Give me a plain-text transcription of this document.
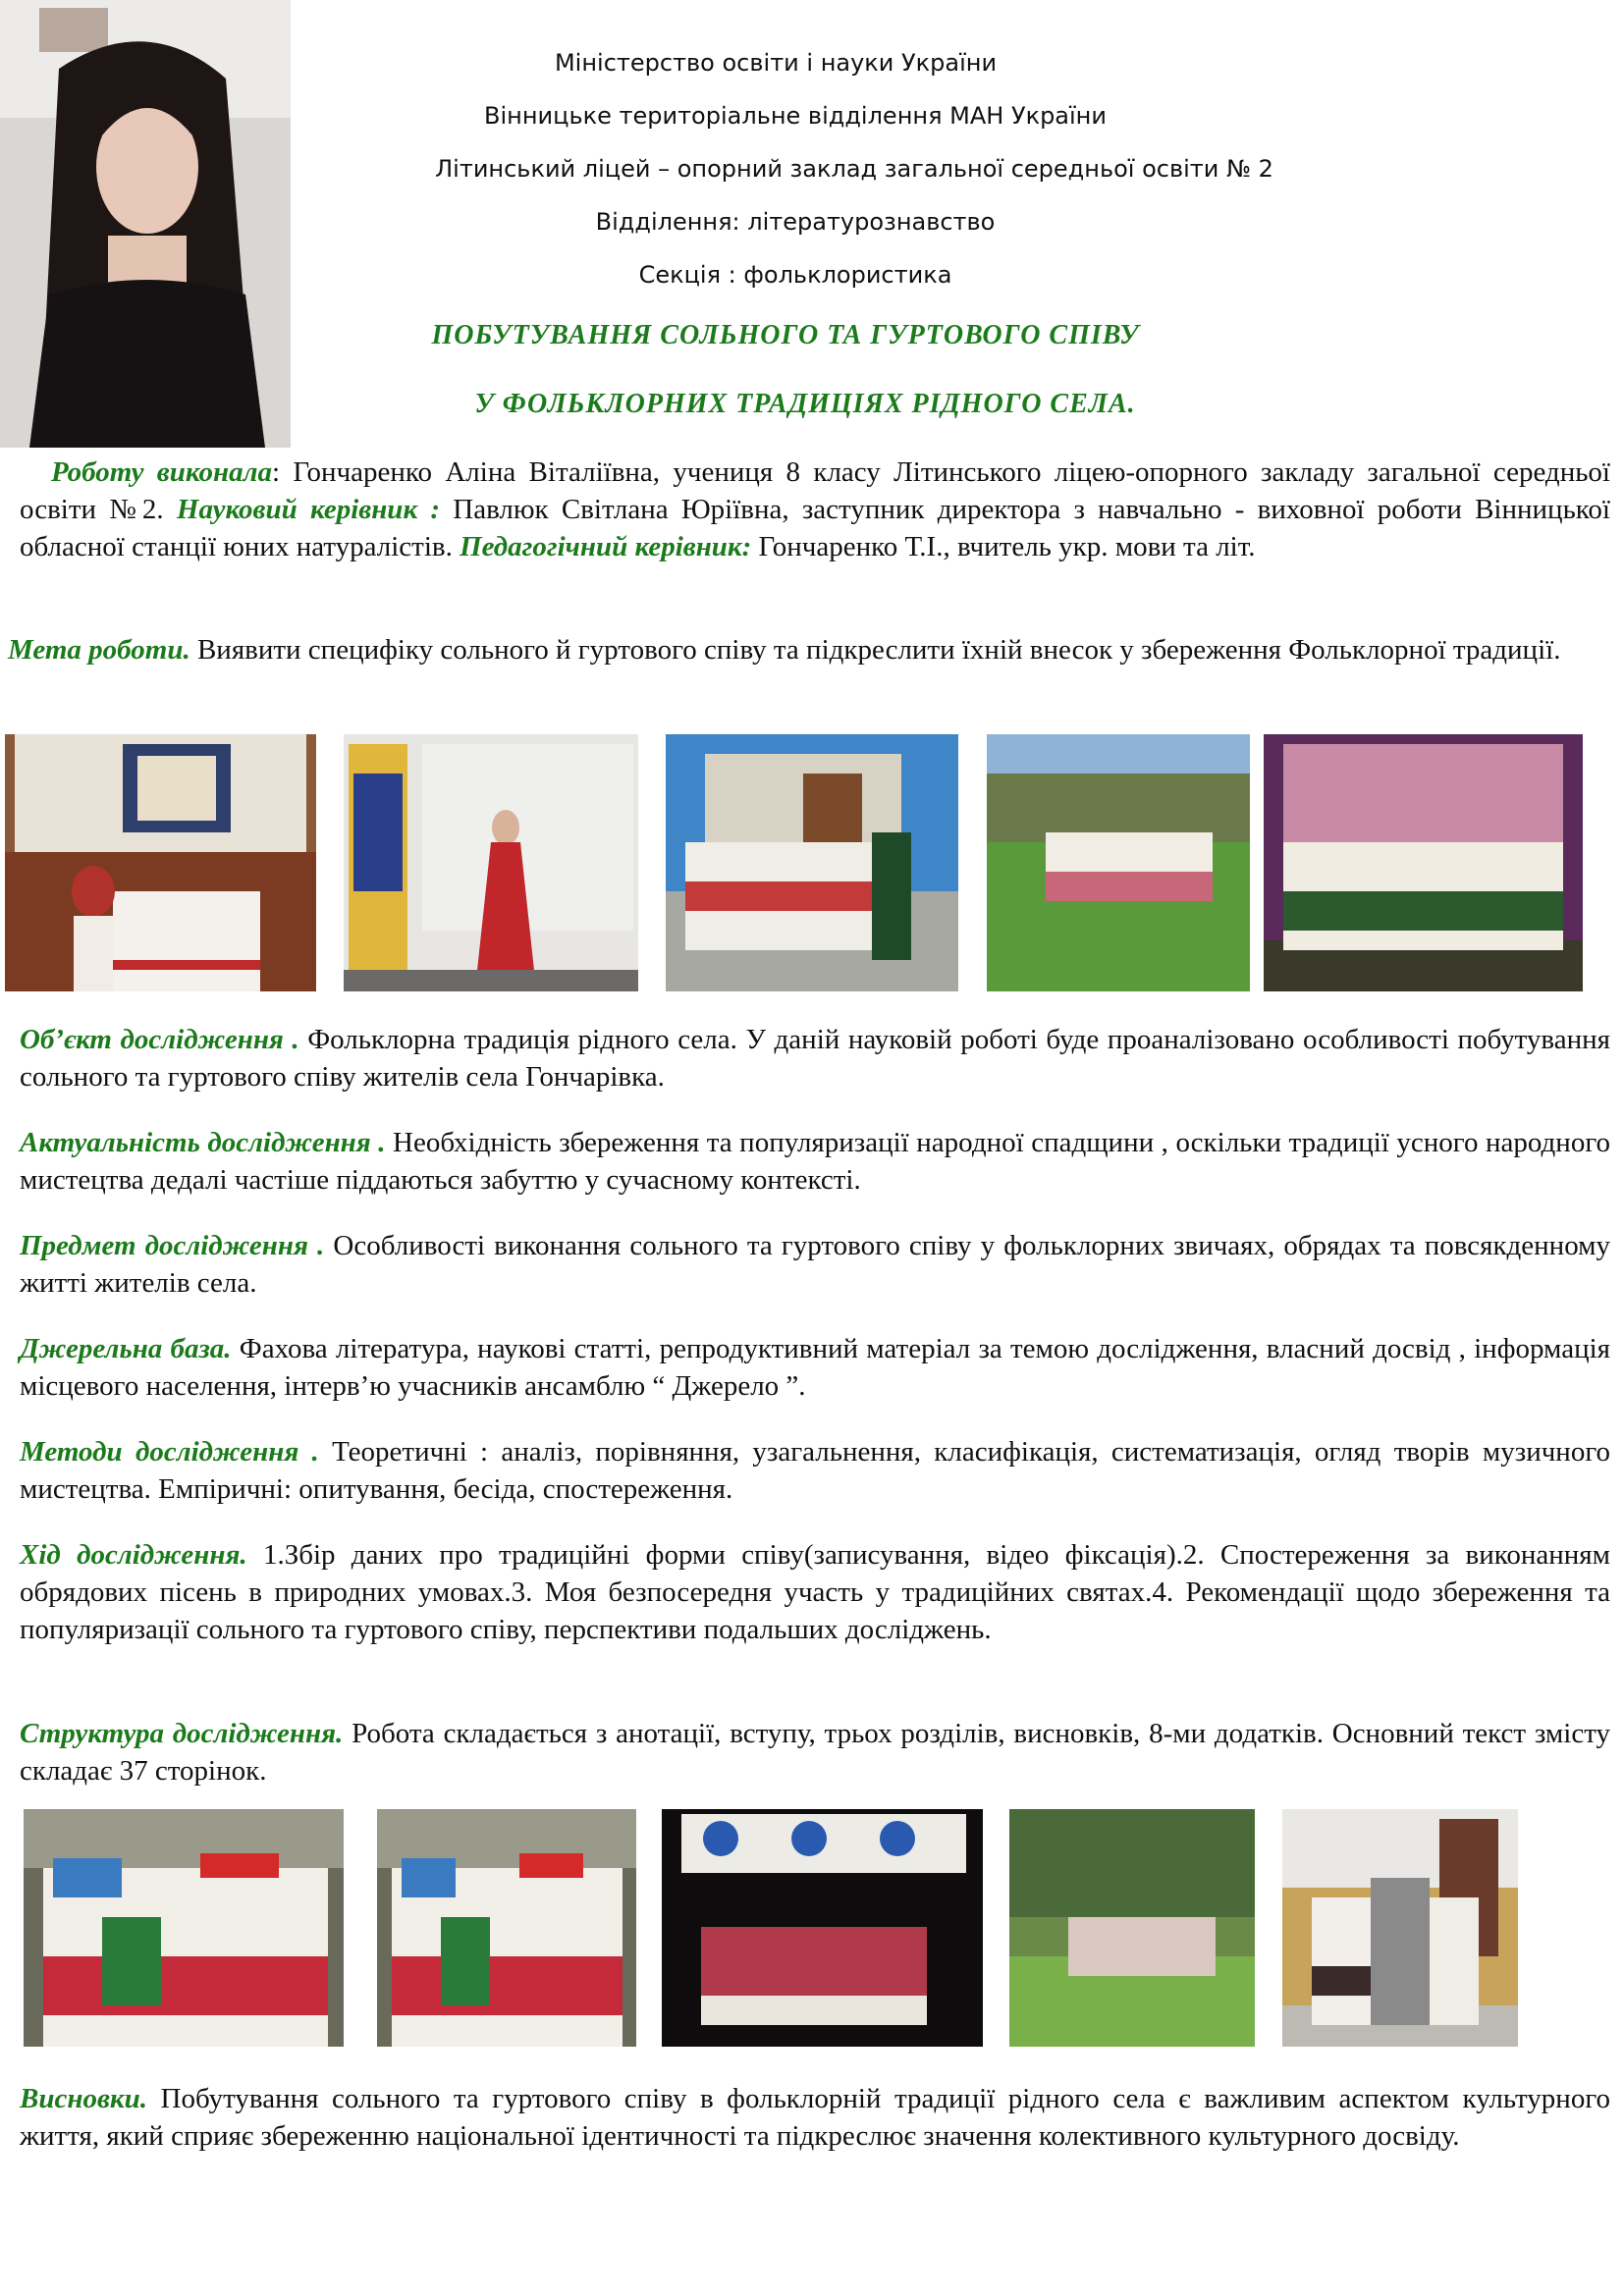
Міністерство освіти і науки України
Вінницьке територіальне відділення МАН України
Літинський ліцей – опорний заклад загальної середньої освіти № 2
Відділення: літературознавство
Секція : фольклористика
ПОБУТУВАННЯ СОЛЬНОГО ТА ГУРТОВОГО СПІВУ
У ФОЛЬКЛОРНИХ ТРАДИЦІЯХ РІДНОГО СЕЛА.
Роботу виконала: Гончаренко Аліна Віталіївна, учениця 8 класу Літинського ліцею-опорного закладу загальної середньої освіти №2. Науковий керівник : Павлюк Світлана Юріївна, заступник директора з навчально - виховної роботи Вінницької обласної станції юних натуралістів. Педагогічний керівник: Гончаренко Т.І., вчитель укр. мови та літ.
Мета роботи. Виявити специфіку сольного й гуртового співу та підкреслити їхній внесок у збереження Фольклорної традиції.
Об’єкт дослідження . Фольклорна традиція рідного села. У даній науковій роботі буде проаналізовано особливості побутування сольного та гуртового співу жителів села Гончарівка.
Актуальність дослідження . Необхідність збереження та популяризації народної спадщини , оскільки традиції усного народного мистецтва дедалі частіше піддаються забуттю у сучасному контексті.
Предмет дослідження . Особливості виконання сольного та гуртового співу у фольклорних звичаях, обрядах та повсякденному житті жителів села.
Джерельна база. Фахова література, наукові статті, репродуктивний матеріал за темою дослідження, власний досвід , інформація місцевого населення, інтерв’ю учасників ансамблю “ Джерело ”.
Методи дослідження . Теоретичні : аналіз, порівняння, узагальнення, класифікація, систематизація, огляд творів музичного мистецтва. Емпіричні: опитування, бесіда, спостереження.
Хід дослідження. 1.Збір даних про традиційні форми співу(записування, відео фіксація).2. Спостереження за виконанням обрядових пісень в природних умовах.3. Моя безпосередня участь у традиційних святах.4. Рекомендації щодо збереження та популяризації сольного та гуртового співу, перспективи подальших досліджень.
Структура дослідження. Робота складається з анотації, вступу, трьох розділів, висновків, 8-ми додатків. Основний текст змісту складає 37 сторінок.
Висновки. Побутування сольного та гуртового співу в фольклорній традиції рідного села є важливим аспектом культурного життя, який сприяє збереженню національної ідентичності та підкреслює значення колективного культурного досвіду.
